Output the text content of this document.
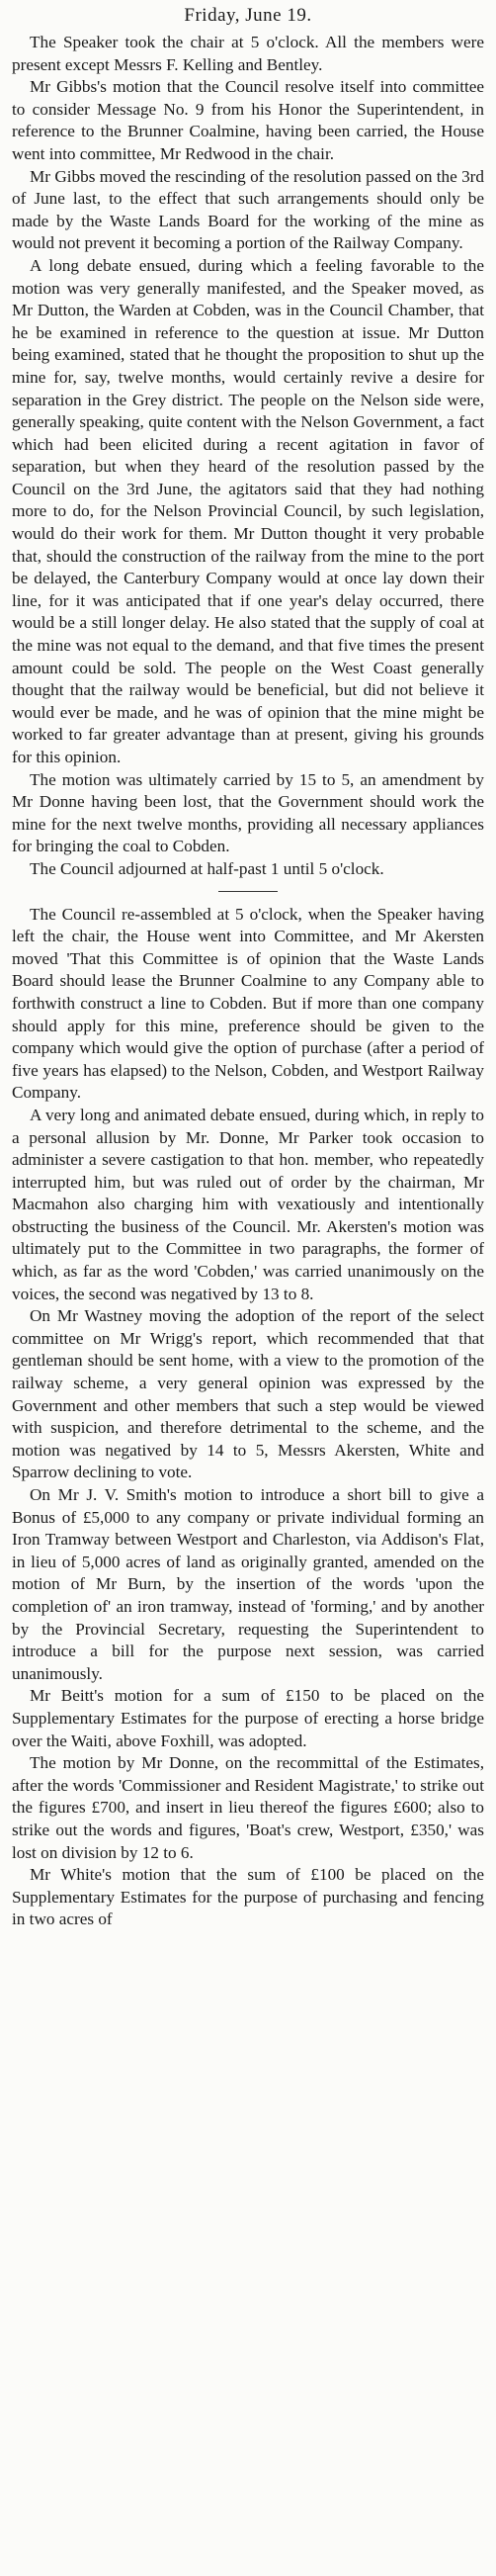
Friday, June 19.

The Speaker took the chair at 5 o'clock. All the members were present except Messrs F. Kelling and Bentley.

Mr Gibbs's motion that the Council resolve itself into committee to consider Message No. 9 from his Honor the Superintendent, in reference to the Brunner Coalmine, having been carried, the House went into committee, Mr Redwood in the chair.

Mr Gibbs moved the rescinding of the resolution passed on the 3rd of June last, to the effect that such arrangements should only be made by the Waste Lands Board for the working of the mine as would not prevent it becoming a portion of the Railway Company.

A long debate ensued, during which a feeling favorable to the motion was very generally manifested, and the Speaker moved, as Mr Dutton, the Warden at Cobden, was in the Council Chamber, that he be examined in reference to the question at issue. Mr Dutton being examined, stated that he thought the proposition to shut up the mine for, say, twelve months, would certainly revive a desire for separation in the Grey district. The people on the Nelson side were, generally speaking, quite content with the Nelson Government, a fact which had been elicited during a recent agitation in favor of separation, but when they heard of the resolution passed by the Council on the 3rd June, the agitators said that they had nothing more to do, for the Nelson Provincial Council, by such legislation, would do their work for them. Mr Dutton thought it very probable that, should the construction of the railway from the mine to the port be delayed, the Canterbury Company would at once lay down their line, for it was anticipated that if one year's delay occurred, there would be a still longer delay. He also stated that the supply of coal at the mine was not equal to the demand, and that five times the present amount could be sold. The people on the West Coast generally thought that the railway would be beneficial, but did not believe it would ever be made, and he was of opinion that the mine might be worked to far greater advantage than at present, giving his grounds for this opinion.

The motion was ultimately carried by 15 to 5, an amendment by Mr Donne having been lost, that the Government should work the mine for the next twelve months, providing all necessary appliances for bringing the coal to Cobden.

The Council adjourned at half-past 1 until 5 o'clock.

The Council re-assembled at 5 o'clock, when the Speaker having left the chair, the House went into Committee, and Mr Akersten moved 'That this Committee is of opinion that the Waste Lands Board should lease the Brunner Coalmine to any Company able to forthwith construct a line to Cobden. But if more than one company should apply for this mine, preference should be given to the company which would give the option of purchase (after a period of five years has elapsed) to the Nelson, Cobden, and Westport Railway Company.

A very long and animated debate ensued, during which, in reply to a personal allusion by Mr. Donne, Mr Parker took occasion to administer a severe castigation to that hon. member, who repeatedly interrupted him, but was ruled out of order by the chairman, Mr Macmahon also charging him with vexatiously and intentionally obstructing the business of the Council. Mr. Akersten's motion was ultimately put to the Committee in two paragraphs, the former of which, as far as the word 'Cobden,' was carried unanimously on the voices, the second was negatived by 13 to 8.

On Mr Wastney moving the adoption of the report of the select committee on Mr Wrigg's report, which recommended that that gentleman should be sent home, with a view to the promotion of the railway scheme, a very general opinion was expressed by the Government and other members that such a step would be viewed with suspicion, and therefore detrimental to the scheme, and the motion was negatived by 14 to 5, Messrs Akersten, White and Sparrow declining to vote.

On Mr J. V. Smith's motion to introduce a short bill to give a Bonus of £5,000 to any company or private individual forming an Iron Tramway between Westport and Charleston, via Addison's Flat, in lieu of 5,000 acres of land as originally granted, amended on the motion of Mr Burn, by the insertion of the words 'upon the completion of' an iron tramway, instead of 'forming,' and by another by the Provincial Secretary, requesting the Superintendent to introduce a bill for the purpose next session, was carried unanimously.

Mr Beitt's motion for a sum of £150 to be placed on the Supplementary Estimates for the purpose of erecting a horse bridge over the Waiti, above Foxhill, was adopted.

The motion by Mr Donne, on the recommittal of the Estimates, after the words 'Commissioner and Resident Magistrate,' to strike out the figures £700, and insert in lieu thereof the figures £600; also to strike out the words and figures, 'Boat's crew, Westport, £350,' was lost on division by 12 to 6.

Mr White's motion that the sum of £100 be placed on the Supplementary Estimates for the purpose of purchasing and fencing in two acres of
